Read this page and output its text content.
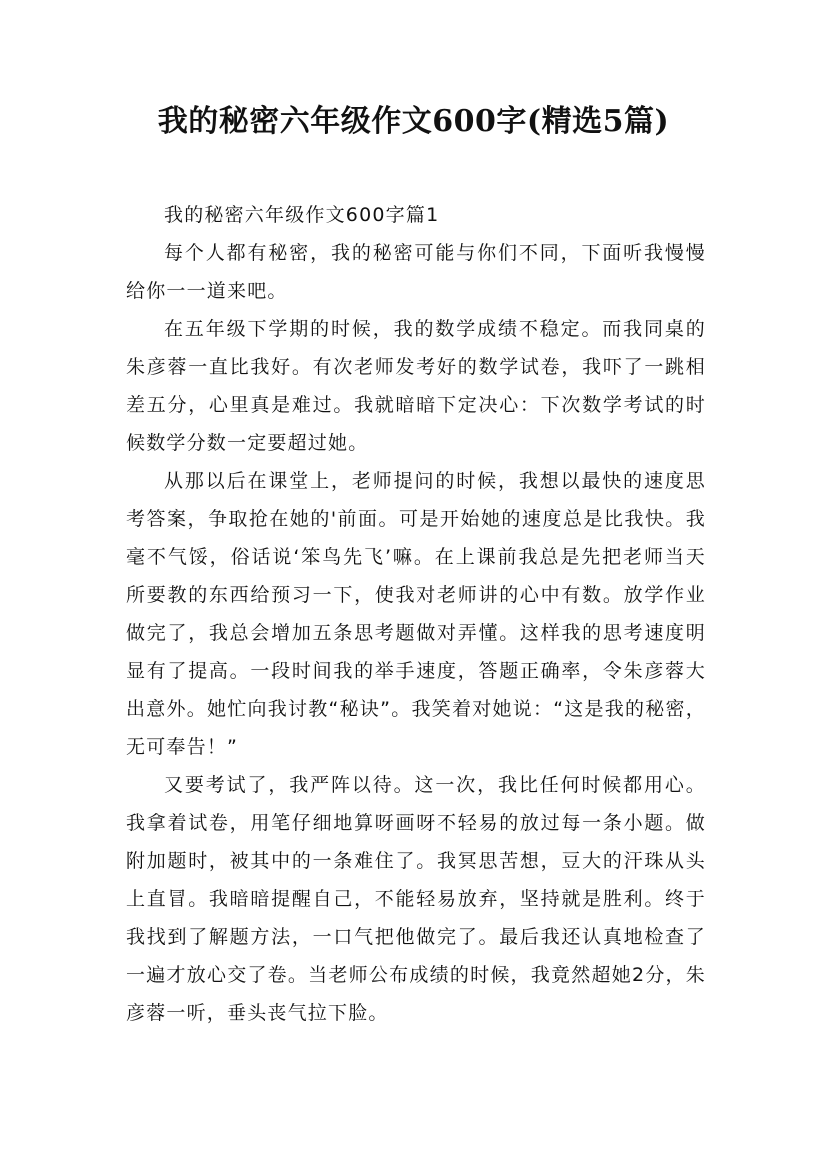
我的秘密六年级作文600字(精选5篇)

我的秘密六年级作文600字篇1

每个人都有秘密，我的秘密可能与你们不同，下面听我慢慢给你一一道来吧。

在五年级下学期的时候，我的数学成绩不稳定。而我同桌的朱彦蓉一直比我好。有次老师发考好的数学试卷，我吓了一跳相差五分，心里真是难过。我就暗暗下定决心：下次数学考试的时候数学分数一定要超过她。

从那以后在课堂上，老师提问的时候，我想以最快的速度思考答案，争取抢在她的'前面。可是开始她的速度总是比我快。我毫不气馁，俗话说‘笨鸟先飞’嘛。在上课前我总是先把老师当天所要教的东西给预习一下，使我对老师讲的心中有数。放学作业做完了，我总会增加五条思考题做对弄懂。这样我的思考速度明显有了提高。一段时间我的举手速度，答题正确率，令朱彦蓉大出意外。她忙向我讨教“秘诀”。我笑着对她说：“这是我的秘密，无可奉告！”

又要考试了，我严阵以待。这一次，我比任何时候都用心。我拿着试卷，用笔仔细地算呀画呀不轻易的放过每一条小题。做附加题时，被其中的一条难住了。我冥思苦想，豆大的汗珠从头上直冒。我暗暗提醒自己，不能轻易放弃，坚持就是胜利。终于我找到了解题方法，一口气把他做完了。最后我还认真地检查了一遍才放心交了卷。当老师公布成绩的时候，我竟然超她2分，朱彦蓉一听，垂头丧气拉下脸。
